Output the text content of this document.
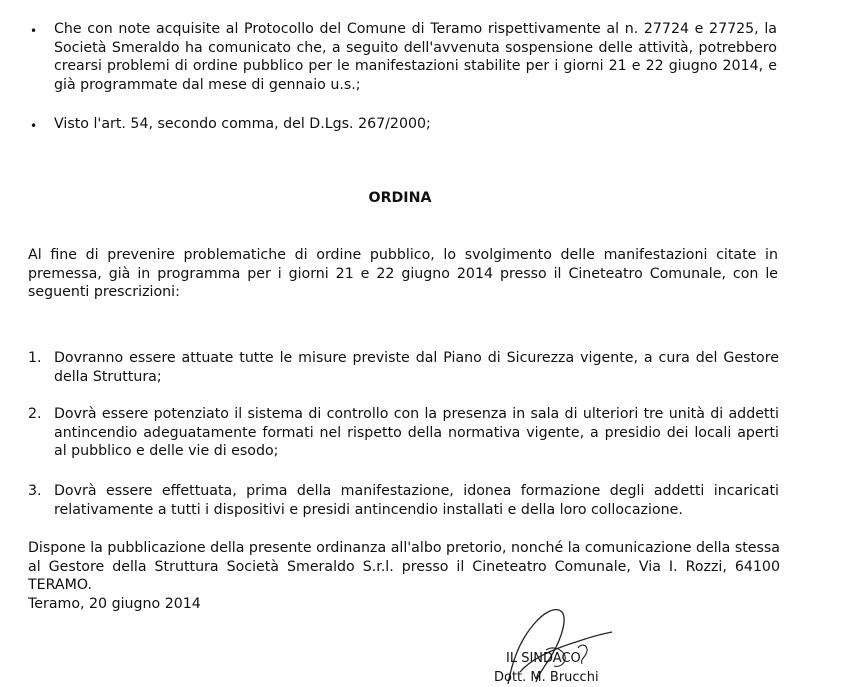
• Che con note acquisite al Protocollo del Comune di Teramo rispettivamente al n. 27724 e 27725, la Società Smeraldo ha comunicato che, a seguito dell'avvenuta sospensione delle attività, potrebbero crearsi problemi di ordine pubblico per le manifestazioni stabilite per i giorni 21 e 22 giugno 2014, e già programmate dal mese di gennaio u.s.;

• Visto l'art. 54, secondo comma, del D.Lgs. 267/2000;

ORDINA

Al fine di prevenire problematiche di ordine pubblico, lo svolgimento delle manifestazioni citate in premessa, già in programma per i giorni 21 e 22 giugno 2014 presso il Cineteatro Comunale, con le seguenti prescrizioni:

1. Dovranno essere attuate tutte le misure previste dal Piano di Sicurezza vigente, a cura del Gestore della Struttura;

2. Dovrà essere potenziato il sistema di controllo con la presenza in sala di ulteriori tre unità di addetti antincendio adeguatamente formati nel rispetto della normativa vigente, a presidio dei locali aperti al pubblico e delle vie di esodo;

3. Dovrà essere effettuata, prima della manifestazione, idonea formazione degli addetti incaricati relativamente a tutti i dispositivi e presidi antincendio installati e della loro collocazione.

Dispone la pubblicazione della presente ordinanza all'albo pretorio, nonché la comunicazione della stessa al Gestore della Struttura Società Smeraldo S.r.l. presso il Cineteatro Comunale, Via I. Rozzi, 64100 TERAMO.

Teramo, 20 giugno 2014

IL SINDACO
Dott. M. Brucchi
